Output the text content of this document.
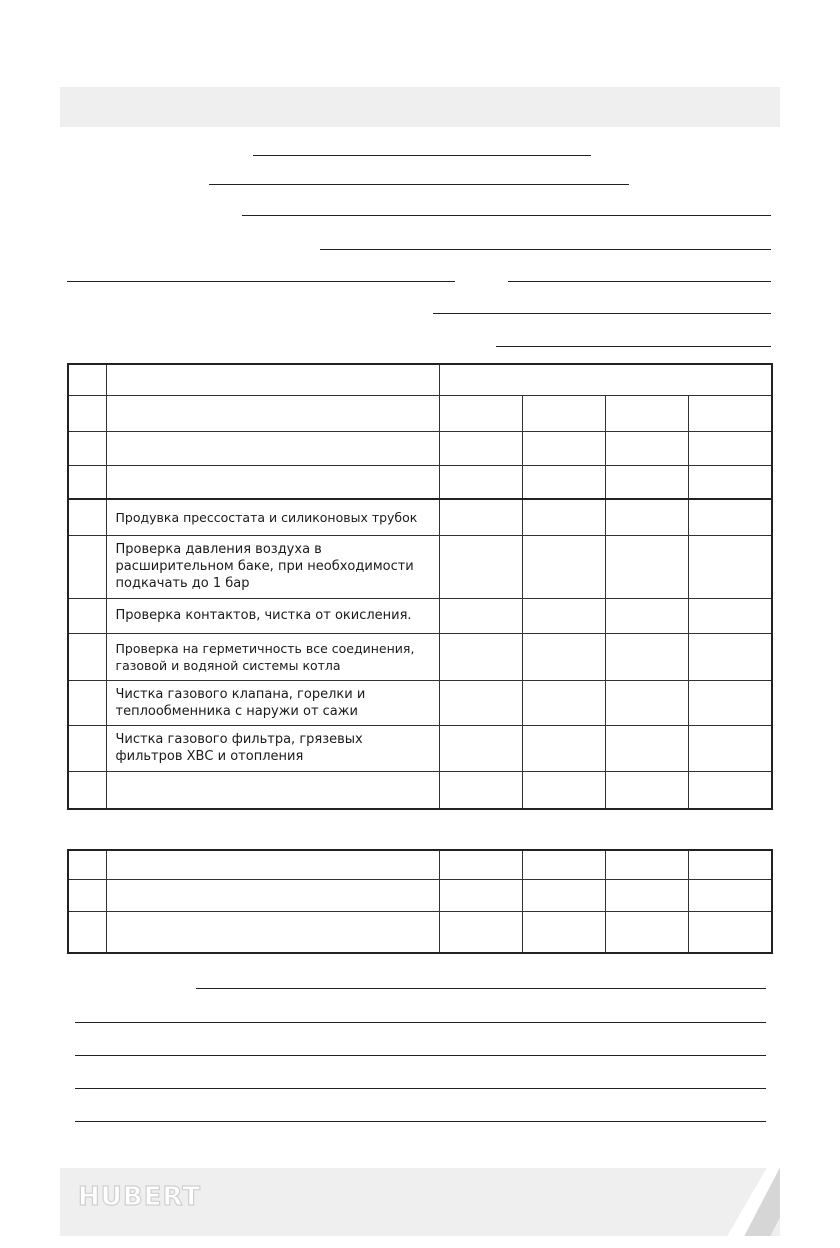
	Продувка прессостата и силиконовых трубок				

	Проверка давления воздуха в расширительном баке, при необходимости подкачать до 1 бар				

	Проверка контактов, чистка от окисления.				

	Проверка на герметичность все соединения, газовой и водяной системы котла				

	Чистка газового клапана, горелки и теплообменника с наружи от сажи				

	Чистка газового фильтра, грязевых фильтров ХВС и отопления				

HUBERT
